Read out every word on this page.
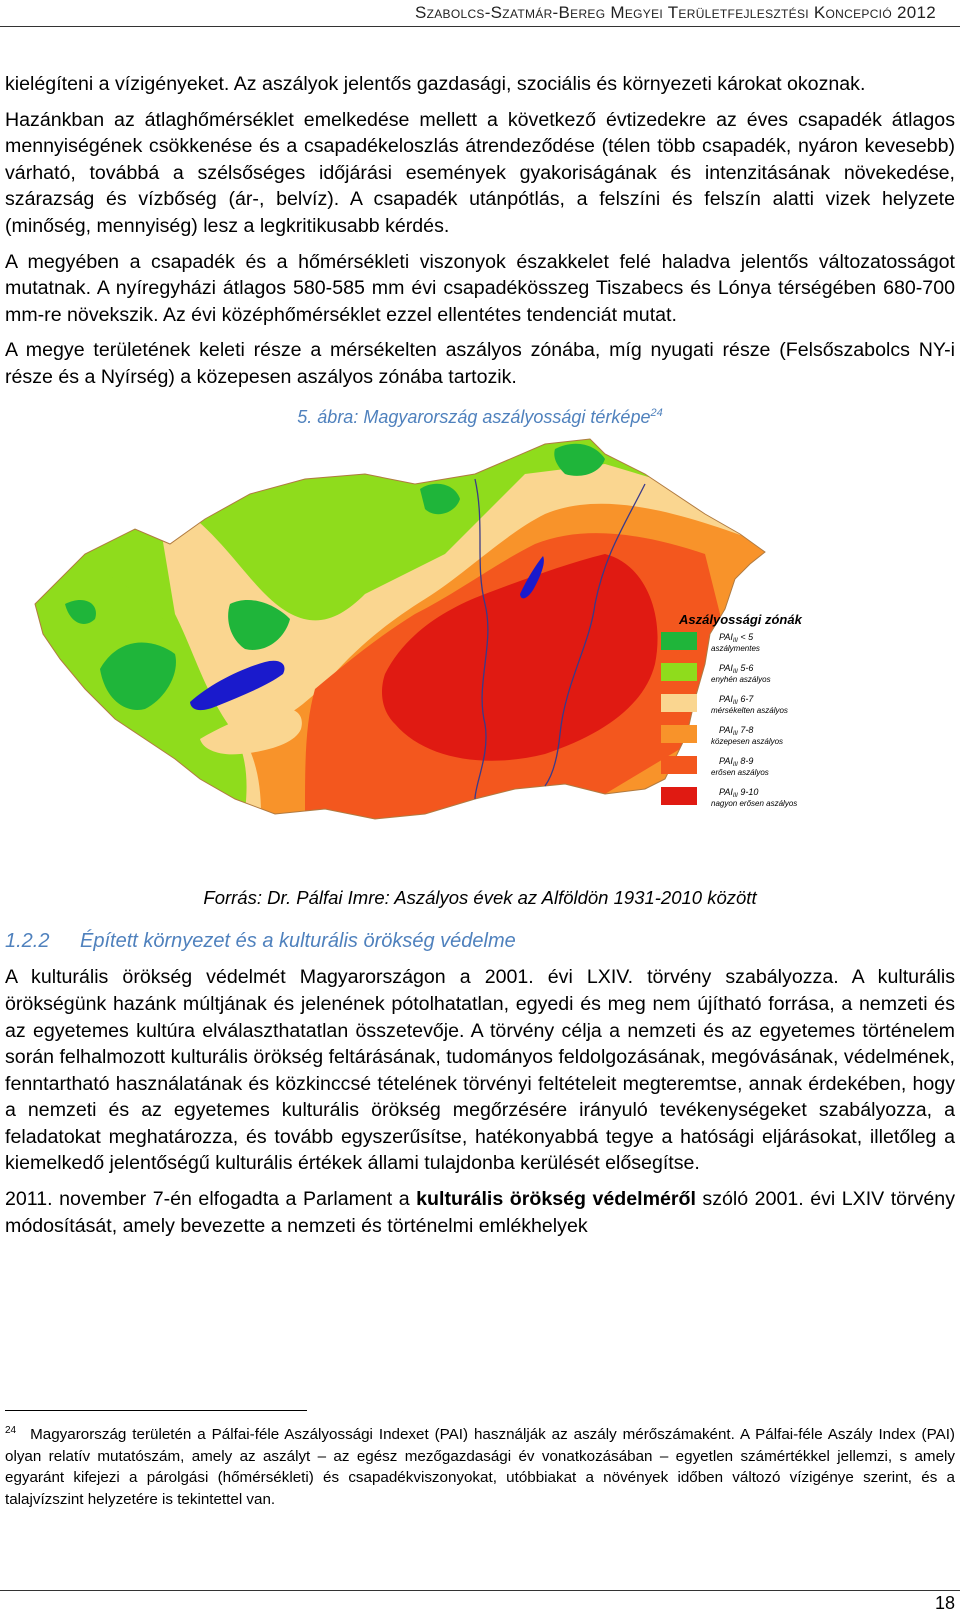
Szabolcs-Szatmár-Bereg Megyei Területfejlesztési Koncepció 2012

kielégíteni a vízigényeket. Az aszályok jelentős gazdasági, szociális és környezeti károkat okoznak.

Hazánkban az átlaghőmérséklet emelkedése mellett a következő évtizedekre az éves csapadék átlagos mennyiségének csökkenése és a csapadékeloszlás átrendeződése (télen több csapadék, nyáron kevesebb) várható, továbbá a szélsőséges időjárási események gyakoriságának és intenzitásának növekedése, szárazság és vízbőség (ár-, belvíz). A csapadék utánpótlás, a felszíni és felszín alatti vizek helyzete (minőség, mennyiség) lesz a legkritikusabb kérdés.

A megyében a csapadék és a hőmérsékleti viszonyok északkelet felé haladva jelentős változatosságot mutatnak. A nyíregyházi átlagos 580-585 mm évi csapadékösszeg Tiszabecs és Lónya térségében 680-700 mm-re növekszik. Az évi középhőmérséklet ezzel ellentétes tendenciát mutat.

A megye területének keleti része a mérsékelten aszályos zónába, míg nyugati része (Felsőszabolcs NY-i része és a Nyírség) a közepesen aszályos zónába tartozik.

5. ábra: Magyarország aszályossági térképe$^{24}$
Aszályossági zónák
$PAI_{III} < 5$
aszálymentes
$PAI_{III}$ 5-6
enyhén aszályos
$PAI_{III}$ 6-7
mérsékelten aszályos
$PAI_{III}$ 7-8
közepesen aszályos
$PAI_{III}$ 8-9
erősen aszályos
$PAI_{III}$ 9-10
nagyon erősen aszályos
Forrás: Dr. Pálfai Imre: Aszályos évek az Alföldön 1931-2010 között
1.2.2 Épített környezet és a kulturális örökség védelme

A kulturális örökség védelmét Magyarországon a 2001. évi LXIV. törvény szabályozza. A kulturális örökségünk hazánk múltjának és jelenének pótolhatatlan, egyedi és meg nem újítható forrása, a nemzeti és az egyetemes kultúra elválaszthatatlan összetevője. A törvény célja a nemzeti és az egyetemes történelem során felhalmozott kulturális örökség feltárásának, tudományos feldolgozásának, megóvásának, védelmének, fenntartható használatának és közkinccsé tételének törvényi feltételeit megteremtse, annak érdekében, hogy a nemzeti és az egyetemes kulturális örökség megőrzésére irányuló tevékenységeket szabályozza, a feladatokat meghatározza, és tovább egyszerűsítse, hatékonyabbá tegye a hatósági eljárásokat, illetőleg a kiemelkedő jelentőségű kulturális értékek állami tulajdonba kerülését elősegítse.

2011. november 7-én elfogadta a Parlament a kulturális örökség védelméről szóló 2001. évi LXIV törvény módosítását, amely bevezette a nemzeti és történelmi emlékhelyek

$^{24}$ Magyarország területén a Pálfai-féle Aszályossági Indexet (PAI) használják az aszály mérőszámaként. A Pálfai-féle Aszály Index (PAI) olyan relatív mutatószám, amely az aszályt – az egész mezőgazdasági év vonatkozásában – egyetlen számértékkel jellemzi, s amely egyaránt kifejezi a párolgási (hőmérsékleti) és csapadékviszonyokat, utóbbiakat a növények időben változó vízigénye szerint, és a talajvízszint helyzetére is tekintettel van.
18
